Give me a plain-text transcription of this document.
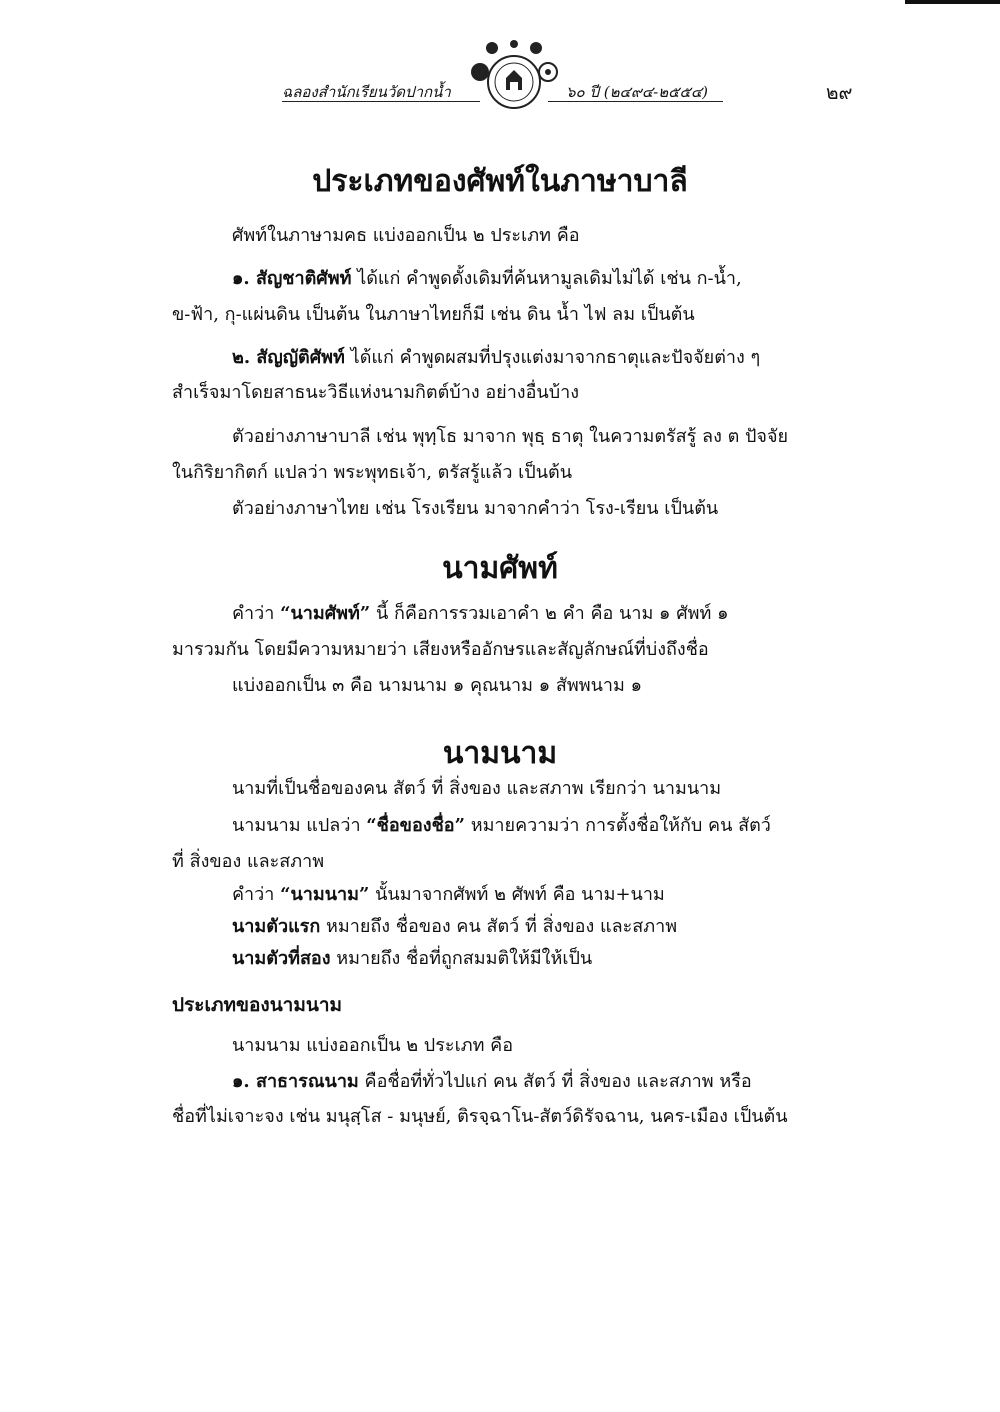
ฉลองสำนักเรียนวัดปากน้ำ	๖๐ ปี (๒๔๙๔-๒๕๕๔)	๒๙
ประเภทของศัพท์ในภาษาบาลี
ศัพท์ในภาษามคธ แบ่งออกเป็น ๒ ประเภท คือ
๑. สัญชาติศัพท์ ได้แก่ คำพูดดั้งเดิมที่ค้นหามูลเดิมไม่ได้ เช่น ก-น้ำ,
ข-ฟ้า, กุ-แผ่นดิน เป็นต้น ในภาษาไทยก็มี เช่น ดิน น้ำ ไฟ ลม เป็นต้น
๒. สัญญัติศัพท์ ได้แก่ คำพูดผสมที่ปรุงแต่งมาจากธาตุและปัจจัยต่าง ๆ
สำเร็จมาโดยสาธนะวิธีแห่งนามกิตต์บ้าง อย่างอื่นบ้าง
ตัวอย่างภาษาบาลี เช่น พุทฺโธ มาจาก พุธฺ ธาตุ ในความตรัสรู้ ลง ต ปัจจัย
ในกิริยากิตก์ แปลว่า พระพุทธเจ้า, ตรัสรู้แล้ว เป็นต้น
ตัวอย่างภาษาไทย เช่น โรงเรียน มาจากคำว่า โรง-เรียน เป็นต้น
นามศัพท์
คำว่า “นามศัพท์” นี้ ก็คือการรวมเอาคำ ๒ คำ คือ นาม ๑ ศัพท์ ๑
มารวมกัน โดยมีความหมายว่า เสียงหรืออักษรและสัญลักษณ์ที่บ่งถึงชื่อ
แบ่งออกเป็น ๓ คือ นามนาม ๑ คุณนาม ๑ สัพพนาม ๑
นามนาม
นามที่เป็นชื่อของคน สัตว์ ที่ สิ่งของ และสภาพ เรียกว่า นามนาม
นามนาม แปลว่า “ชื่อของชื่อ” หมายความว่า การตั้งชื่อให้กับ คน สัตว์
ที่ สิ่งของ และสภาพ
คำว่า “นามนาม” นั้นมาจากศัพท์ ๒ ศัพท์ คือ นาม+นาม
นามตัวแรก หมายถึง ชื่อของ คน สัตว์ ที่ สิ่งของ และสภาพ
นามตัวที่สอง หมายถึง ชื่อที่ถูกสมมติให้มีให้เป็น
ประเภทของนามนาม
นามนาม แบ่งออกเป็น ๒ ประเภท คือ
๑. สาธารณนาม คือชื่อที่ทั่วไปแก่ คน สัตว์ ที่ สิ่งของ และสภาพ หรือ
ชื่อที่ไม่เจาะจง เช่น มนุสฺโส - มนุษย์, ติรจฺฉาโน-สัตว์ดิรัจฉาน, นคร-เมือง เป็นต้น
